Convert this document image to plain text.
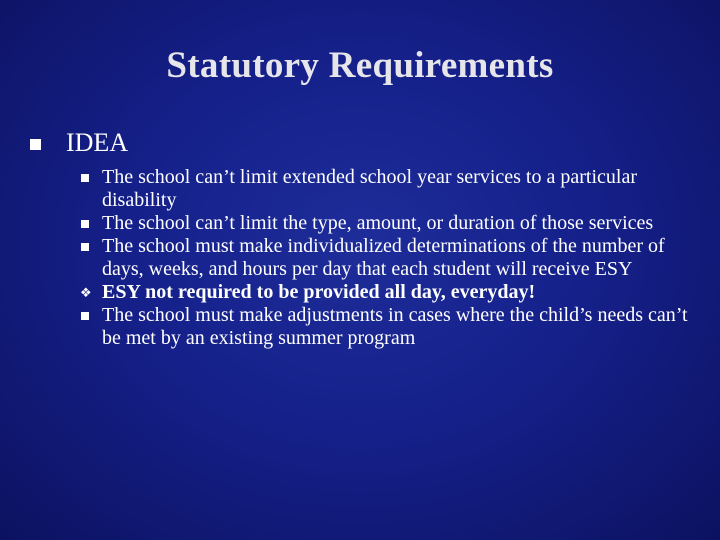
Statutory Requirements
IDEA
The school can’t limit extended school year services to a particular disability
The school can’t limit the type, amount, or duration of those services
The school must make individualized determinations of the number of days, weeks, and hours per day that each student will receive ESY
❖ ESY not required to be provided all day, everyday!
The school must make adjustments in cases where the child’s needs can’t be met by an existing summer program
